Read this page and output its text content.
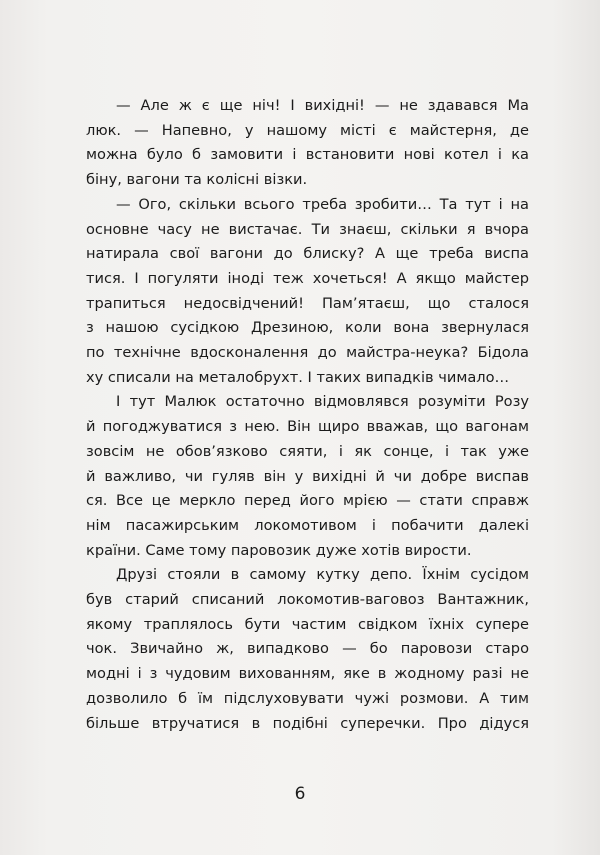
— Але ж є ще ніч! І вихідні! — не здавався Ма
люк. — Напевно, у нашому місті є майстерня, де
можна було б замовити і встановити нові котел і ка
біну, вагони та колісні візки.
— Ого, скільки всього треба зробити… Та тут і на
основне часу не вистачає. Ти знаєш, скільки я вчора
натирала свої вагони до блиску? А ще треба виспа
тися. І погуляти іноді теж хочеться! А якщо майстер
трапиться недосвідчений! Пам’ятаєш, що сталося
з нашою сусідкою Дрезиною, коли вона звернулася
по технічне вдосконалення до майстра-неука? Бідола
ху списали на металобрухт. І таких випадків чимало…
І тут Малюк остаточно відмовлявся розуміти Розу
й погоджуватися з нею. Він щиро вважав, що вагонам
зовсім не обов’язково сяяти, і як сонце, і так уже
й важливо, чи гуляв він у вихідні й чи добре виспав
ся. Все це меркло перед його мрією — стати справж
нім пасажирським локомотивом і побачити далекі
країни. Саме тому паровозик дуже хотів вирости.
Друзі стояли в самому кутку депо. Їхнім сусідом
був старий списаний локомотив-ваговоз Вантажник,
якому траплялось бути частим свідком їхніх суперe
чок. Звичайно ж, випадково — бо паровози старо
модні і з чудовим вихованням, яке в жодному разі не
дозволило б їм підслуховувати чужі розмови. А тим
більше втручатися в подібні суперечки. Про дідуся
6
